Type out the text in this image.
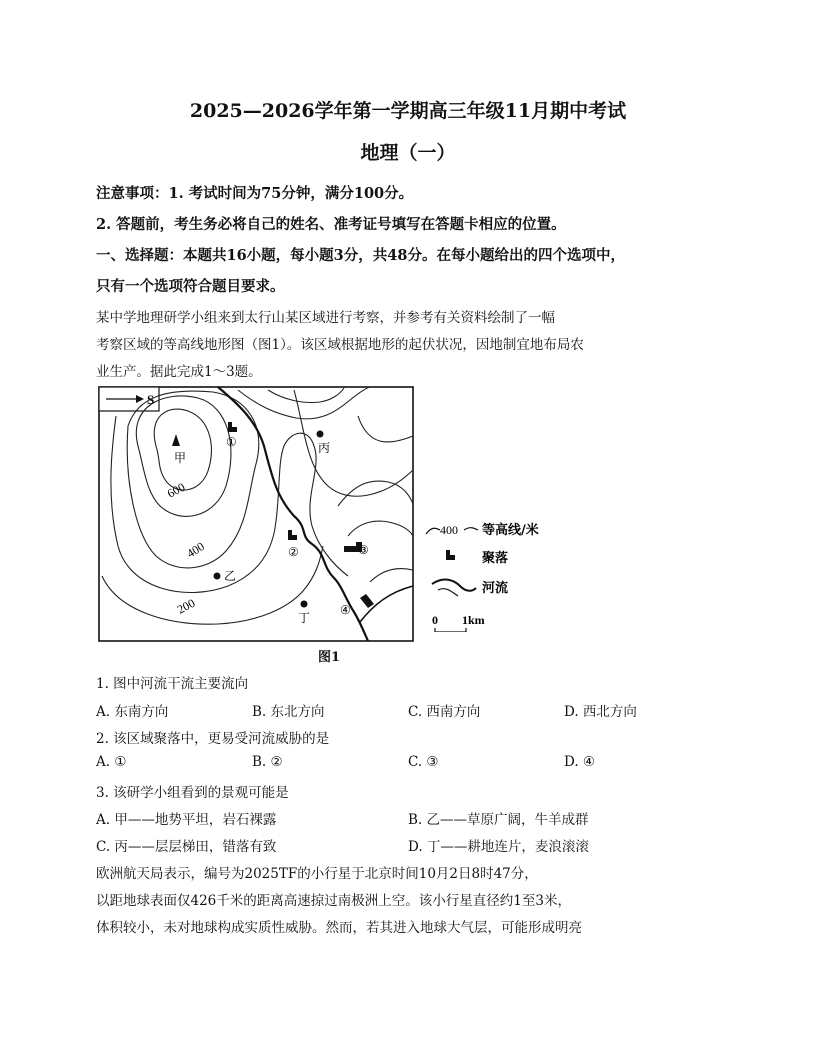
2025—2026学年第一学期高三年级11月期中考试
地理（一）
注意事项：1. 考试时间为75分钟，满分100分。
2. 答题前，考生务必将自己的姓名、准考证号填写在答题卡相应的位置。
一、选择题：本题共16小题，每小题3分，共48分。在每小题给出的四个选项中，
只有一个选项符合题目要求。
某中学地理研学小组来到太行山某区域进行考察，并参考有关资料绘制了一幅
考察区域的等高线地形图（图1）。该区域根据地形的起伏状况，因地制宜地布局农
业生产。据此完成1～3题。
S
甲
丙
乙
丁
①
②	③
④
600
400
200
400 等高线/米
聚落
河流
0 1km
图1
1. 图中河流干流主要流向
A. 东南方向	B. 东北方向	C. 西南方向	D. 西北方向
2. 该区域聚落中，更易受河流威胁的是
A. ①	B. ②	C. ③	D. ④
3. 该研学小组看到的景观可能是
A. 甲——地势平坦，岩石裸露	B. 乙——草原广阔，牛羊成群
C. 丙——层层梯田，错落有致	D. 丁——耕地连片，麦浪滚滚
欧洲航天局表示，编号为2025TF的小行星于北京时间10月2日8时47分，
以距地球表面仅426千米的距离高速掠过南极洲上空。该小行星直径约1至3米，
体积较小，未对地球构成实质性威胁。然而，若其进入地球大气层，可能形成明亮
